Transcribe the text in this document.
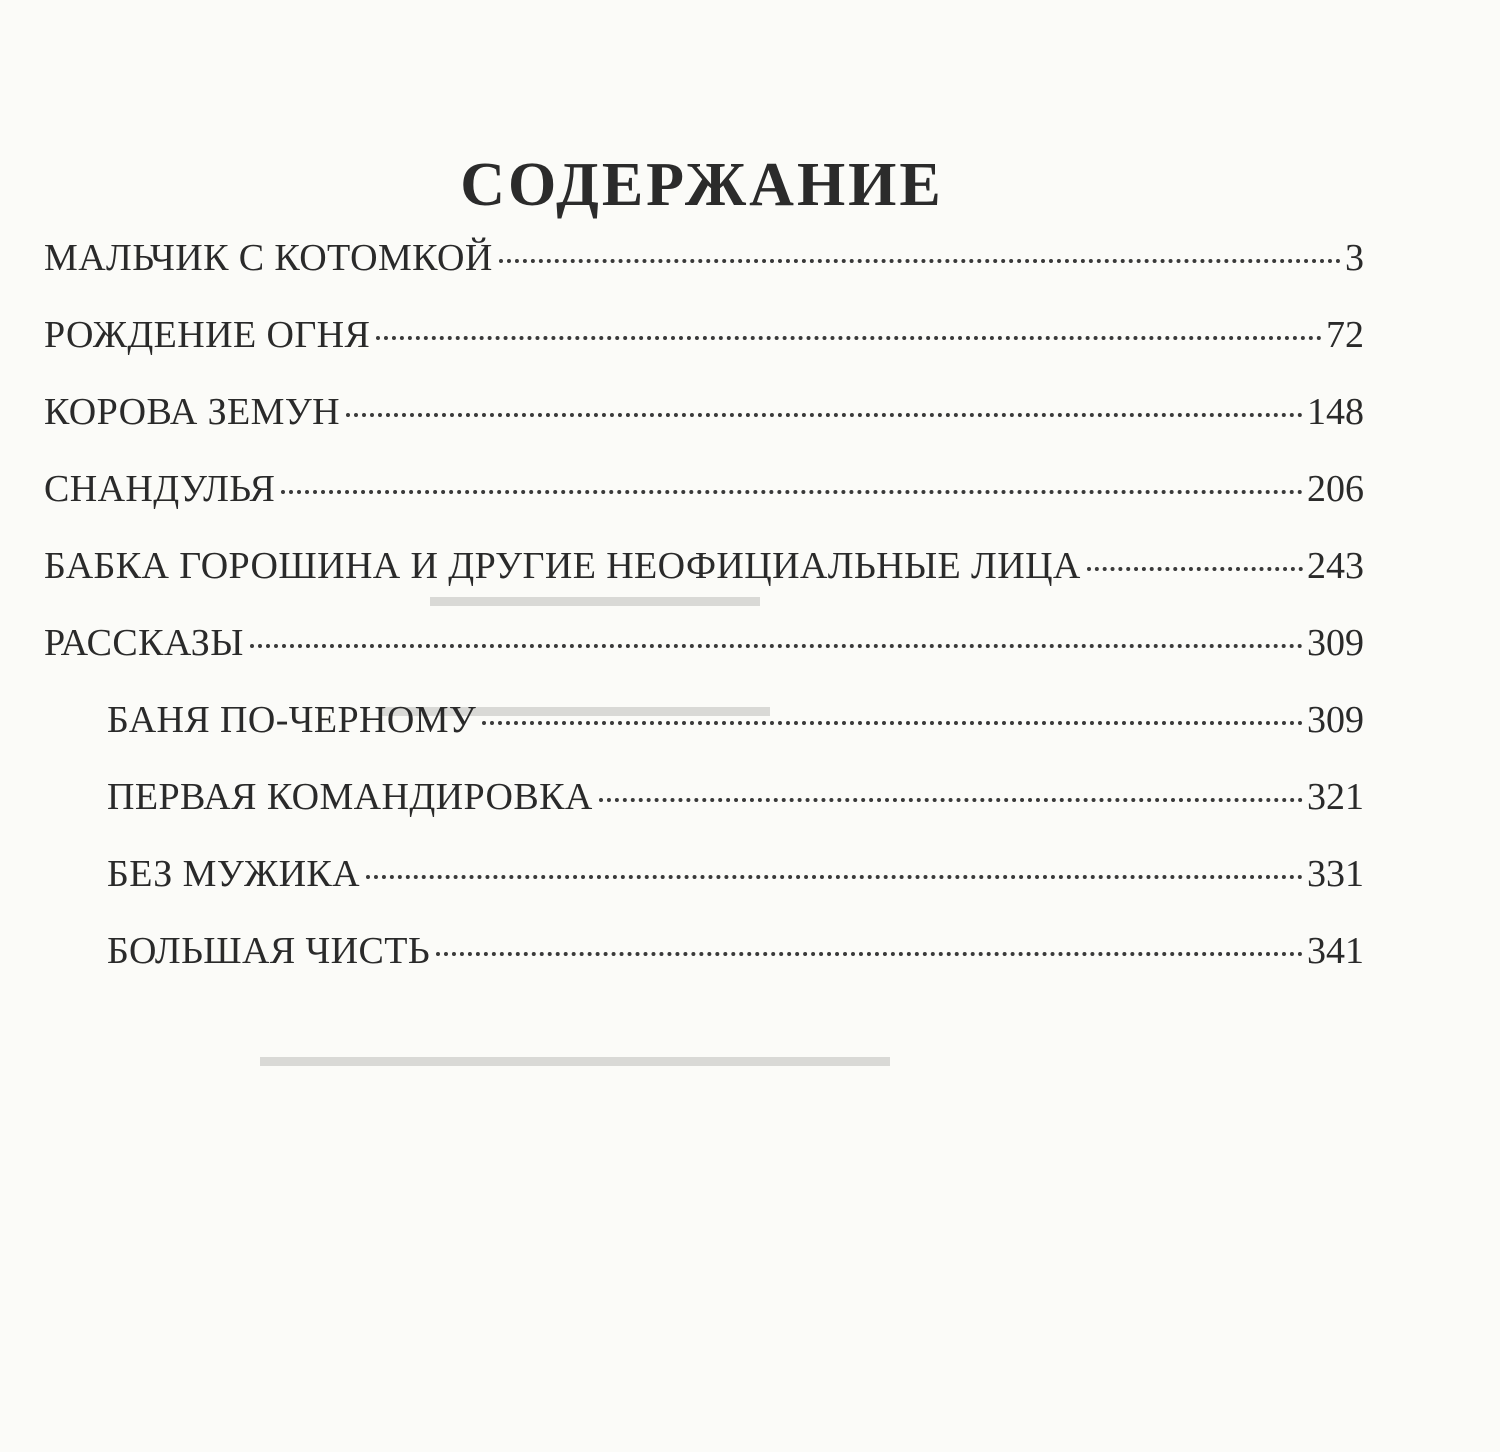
▬▬▬▬▬▬▬▬▬▬▬
▬▬▬▬▬▬▬▬▬▬▬▬▬
▬▬▬▬▬▬▬▬▬▬▬▬▬▬▬▬▬▬▬▬▬
СОДЕРЖАНИЕ
МАЛЬЧИК С КОТОМКОЙ	3
РОЖДЕНИЕ ОГНЯ	72
КОРОВА ЗЕМУН	148
СНАНДУЛЬЯ	206
БАБКА ГОРОШИНА И ДРУГИЕ НЕОФИЦИАЛЬНЫЕ ЛИЦА	243
РАССКАЗЫ	309
БАНЯ ПО-ЧЕРНОМУ	309
ПЕРВАЯ КОМАНДИРОВКА	321
БЕЗ МУЖИКА	331
БОЛЬШАЯ ЧИСТЬ	341
